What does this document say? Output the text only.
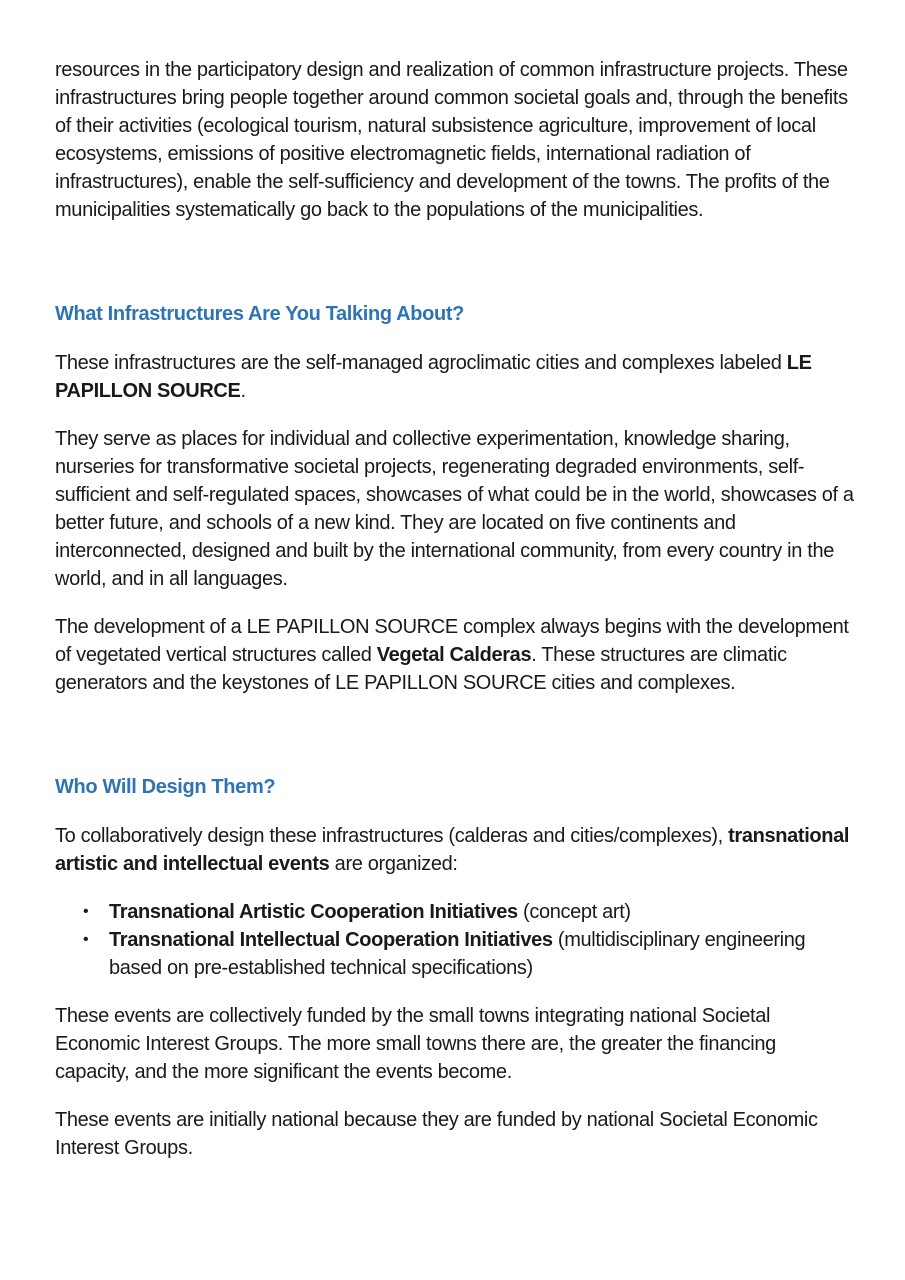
resources in the participatory design and realization of common infrastructure projects. These infrastructures bring people together around common societal goals and, through the benefits of their activities (ecological tourism, natural subsistence agriculture, improvement of local ecosystems, emissions of positive electromagnetic fields, international radiation of infrastructures), enable the self-sufficiency and development of the towns. The profits of the municipalities systematically go back to the populations of the municipalities.

What Infrastructures Are You Talking About?

These infrastructures are the self-managed agroclimatic cities and complexes labeled LE PAPILLON SOURCE.

They serve as places for individual and collective experimentation, knowledge sharing, nurseries for transformative societal projects, regenerating degraded environments, self-sufficient and self-regulated spaces, showcases of what could be in the world, showcases of a better future, and schools of a new kind. They are located on five continents and interconnected, designed and built by the international community, from every country in the world, and in all languages.

The development of a LE PAPILLON SOURCE complex always begins with the development of vegetated vertical structures called Vegetal Calderas. These structures are climatic generators and the keystones of LE PAPILLON SOURCE cities and complexes.

Who Will Design Them?

To collaboratively design these infrastructures (calderas and cities/complexes), transnational artistic and intellectual events are organized:

• Transnational Artistic Cooperation Initiatives (concept art)
• Transnational Intellectual Cooperation Initiatives (multidisciplinary engineering based on pre-established technical specifications)

These events are collectively funded by the small towns integrating national Societal Economic Interest Groups. The more small towns there are, the greater the financing capacity, and the more significant the events become.

These events are initially national because they are funded by national Societal Economic Interest Groups.
